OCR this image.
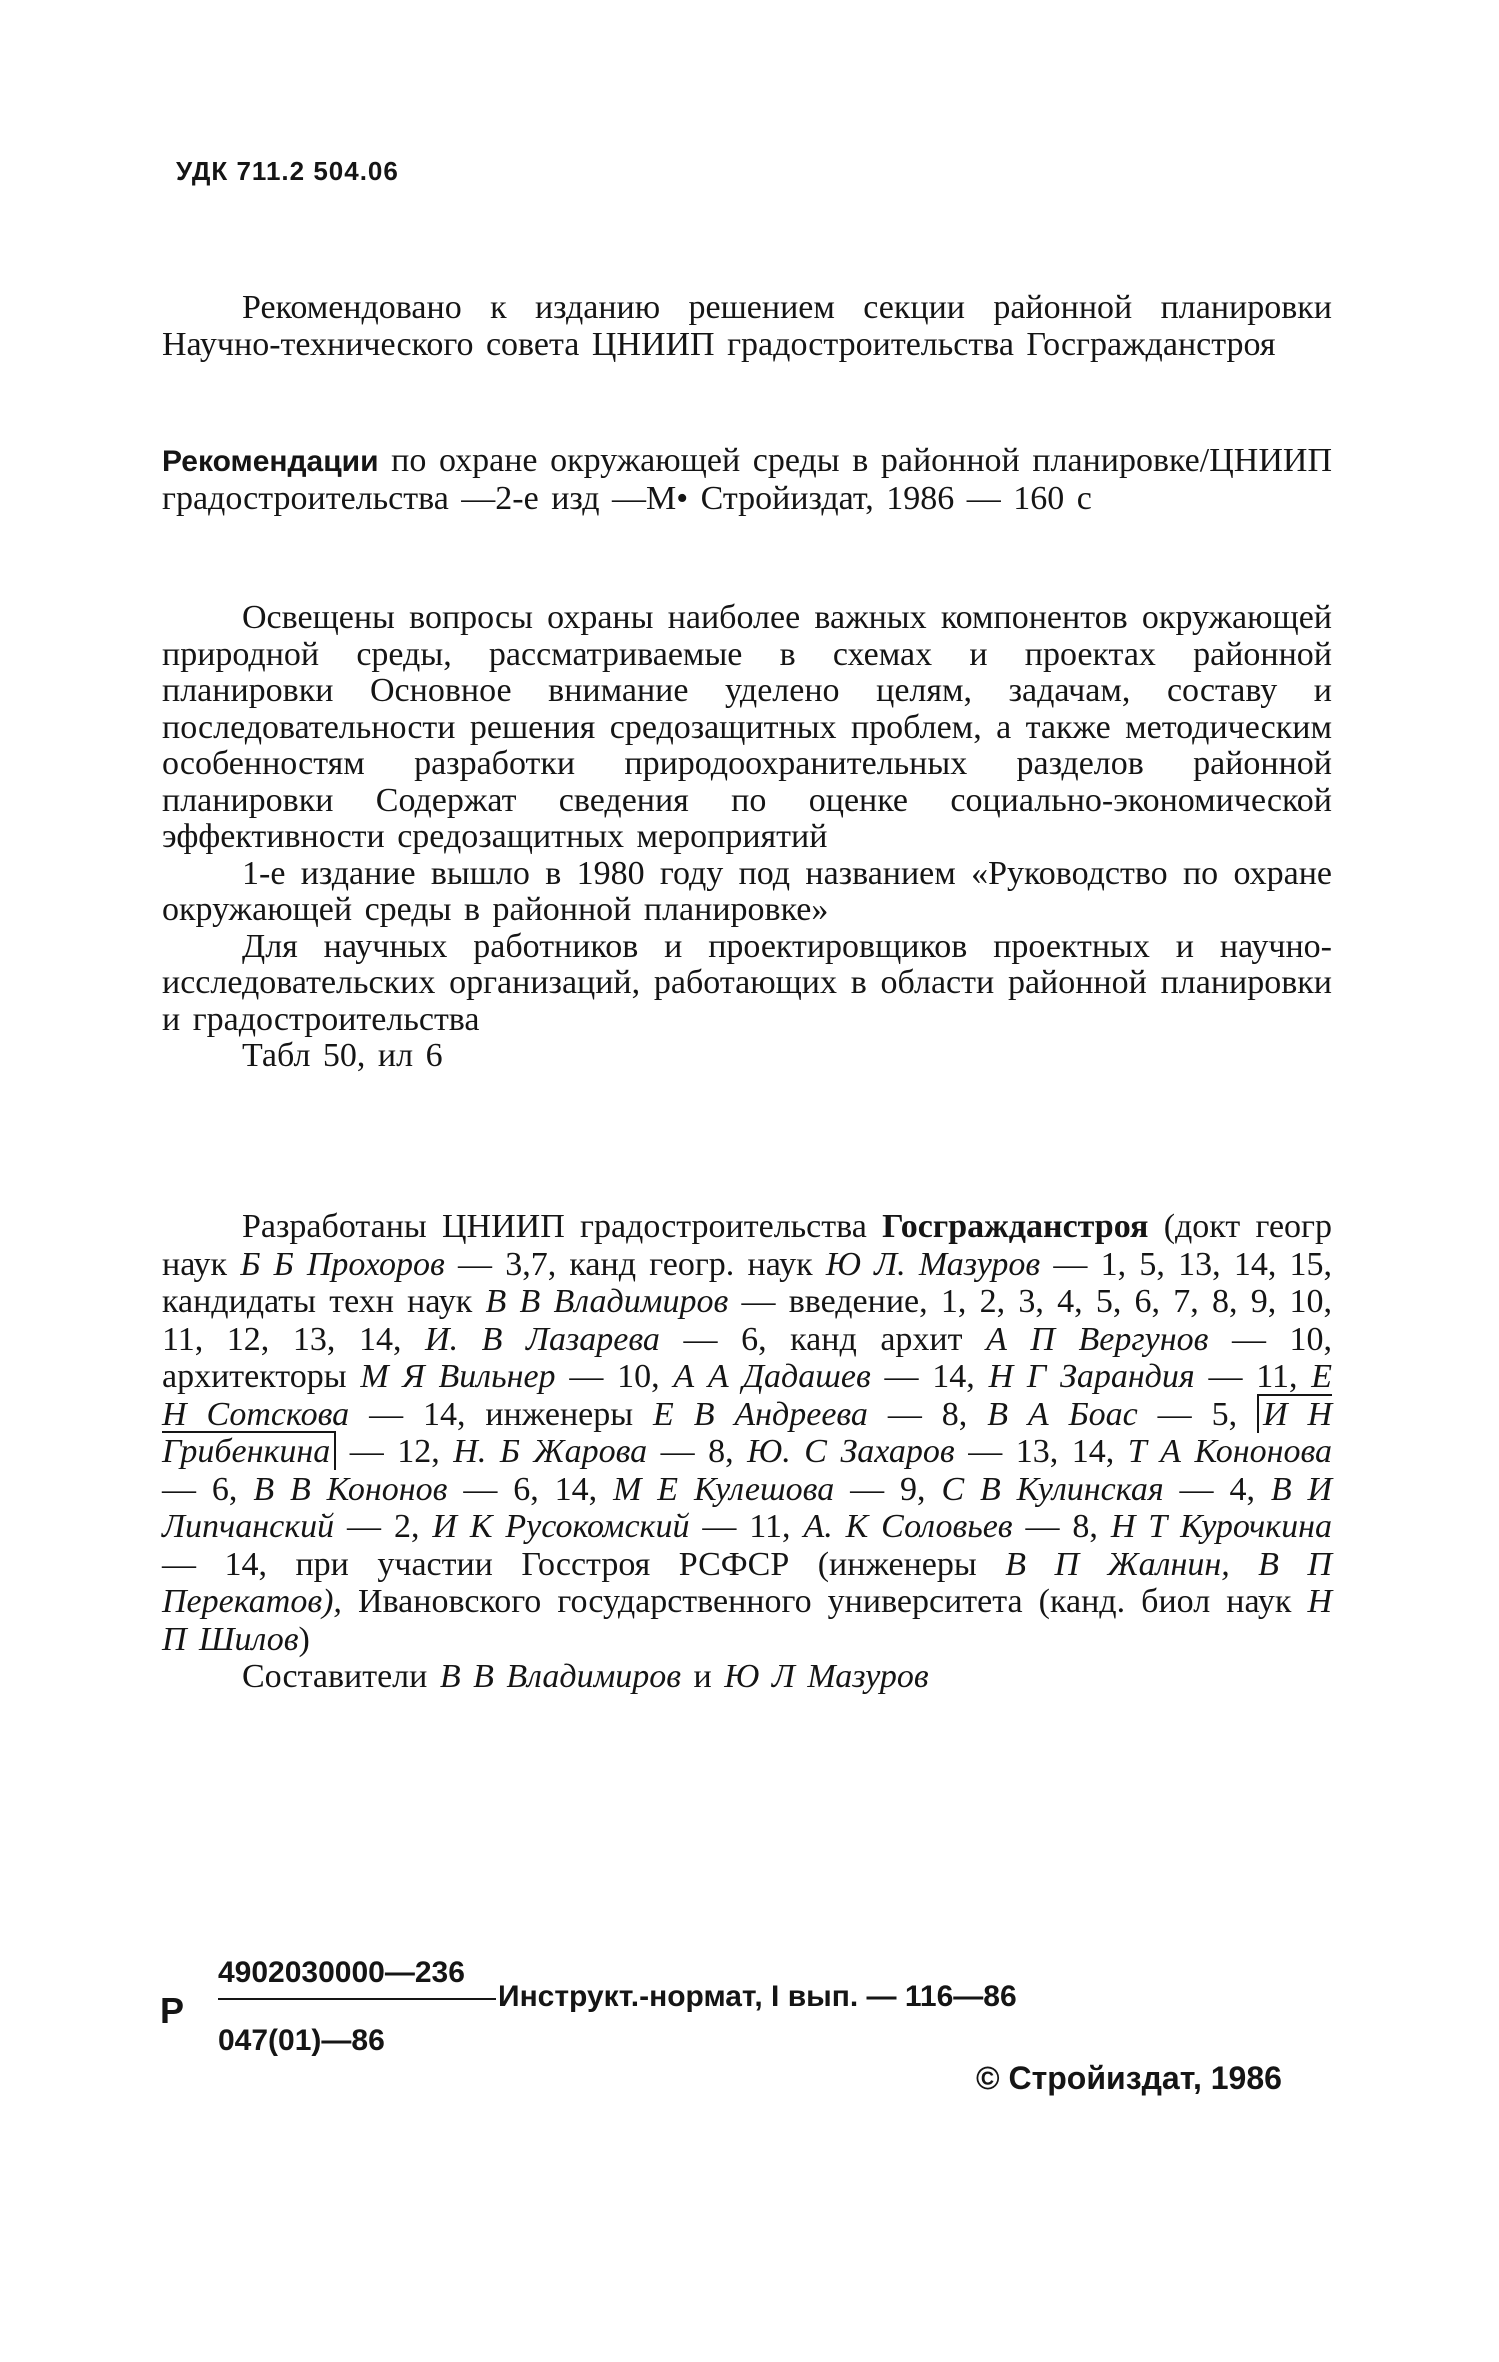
УДК 711.2 504.06

Рекомендовано к изданию решением секции районной планировки Научно-технического совета ЦНИИП градостроительства Госгражданстроя

Рекомендации по охране окружающей среды в районной планировке/ЦНИИП градостроительства —2-е изд —М• Стройиздат, 1986 — 160 с

Освещены вопросы охраны наиболее важных компонентов окружающей природной среды, рассматриваемые в схемах и проектах районной планировки Основное внимание уделено целям, задачам, составу и последовательности решения средозащитных проблем, а также методическим особенностям разработки природоохранительных разделов районной планировки Содержат сведения по оценке социально-экономической эффективности средозащитных мероприятий

1-е издание вышло в 1980 году под названием «Руководство по охране окружающей среды в районной планировке»

Для научных работников и проектировщиков проектных и научно-исследовательских организаций, работающих в области районной планировки и градостроительства

Табл 50, ил 6

Разработаны ЦНИИП градостроительства Госгражданстроя (докт геогр наук Б Б Прохоров — 3,7, канд геогр. наук Ю Л. Мазуров — 1, 5, 13, 14, 15, кандидаты техн наук В В Владимиров — введение, 1, 2, 3, 4, 5, 6, 7, 8, 9, 10, 11, 12, 13, 14, И. В Лазарева — 6, канд архит А П Вергунов — 10, архитекторы М Я Вильнер — 10, А А Дадашев — 14, Н Г Зарандия — 11, Е Н Сотскова — 14, инженеры Е В Андреева — 8, В А Боас — 5, И Н Грибенкина — 12, Н. Б Жарова — 8, Ю. С Захаров — 13, 14, Т А Кононова — 6, В В Кононов — 6, 14, М Е Кулешова — 9, С В Кулинская — 4, В И Липчанский — 2, И К Русокомский — 11, А. К Соловьев — 8, Н Т Курочкина — 14, при участии Госстроя РСФСР (инженеры В П Жалнин, В П Перекатов), Ивановского государственного университета (канд. биол наук Н П Шилов)

Составители В В Владимиров и Ю Л Мазуров

Р
4902030000—236
047(01)—86
Инструкт.-нормат, I вып. — 116—86
© Стройиздат, 1986
